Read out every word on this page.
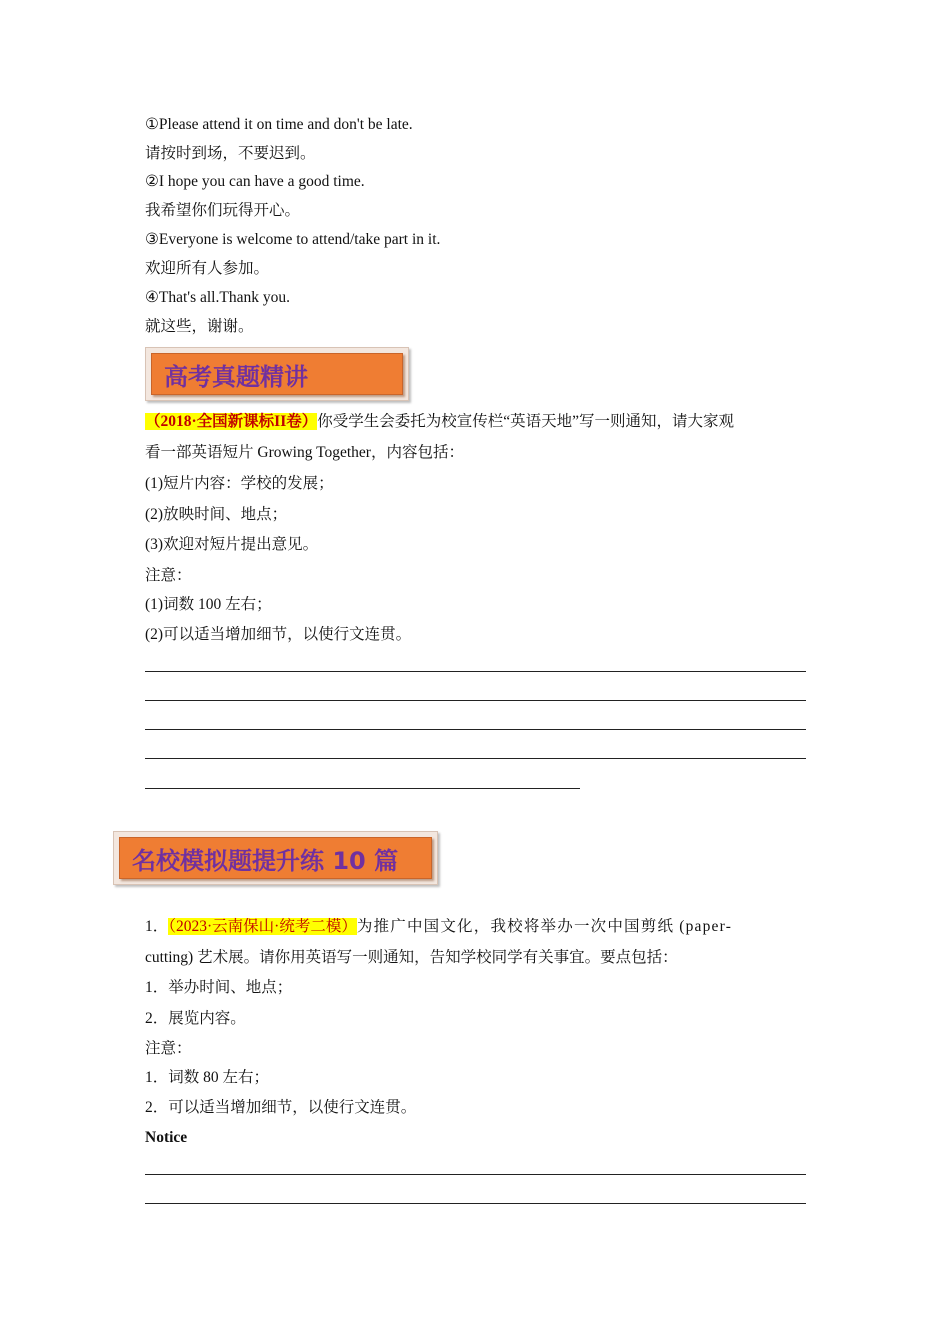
①Please attend it on time and don't be late.
请按时到场，不要迟到。
②I hope you can have a good time.
我希望你们玩得开心。
③Everyone is welcome to attend/take part in it.
欢迎所有人参加。
④That's all.Thank you.
就这些，谢谢。
高考真题精讲
（2018·全国新课标II卷）你受学生会委托为校宣传栏“英语天地”写一则通知，请大家观
看一部英语短片 Growing Together，内容包括：
(1)短片内容：学校的发展；
(2)放映时间、地点；
(3)欢迎对短片提出意见。
注意：
(1)词数 100 左右；
(2)可以适当增加细节，以使行文连贯。
名校模拟题提升练 10 篇
1．（2023·云南保山·统考二模）为推广中国文化，我校将举办一次中国剪纸 (paper-
cutting) 艺术展。请你用英语写一则通知，告知学校同学有关事宜。要点包括：
1．举办时间、地点；
2．展览内容。
注意：
1．词数 80 左右；
2．可以适当增加细节，以使行文连贯。
Notice
